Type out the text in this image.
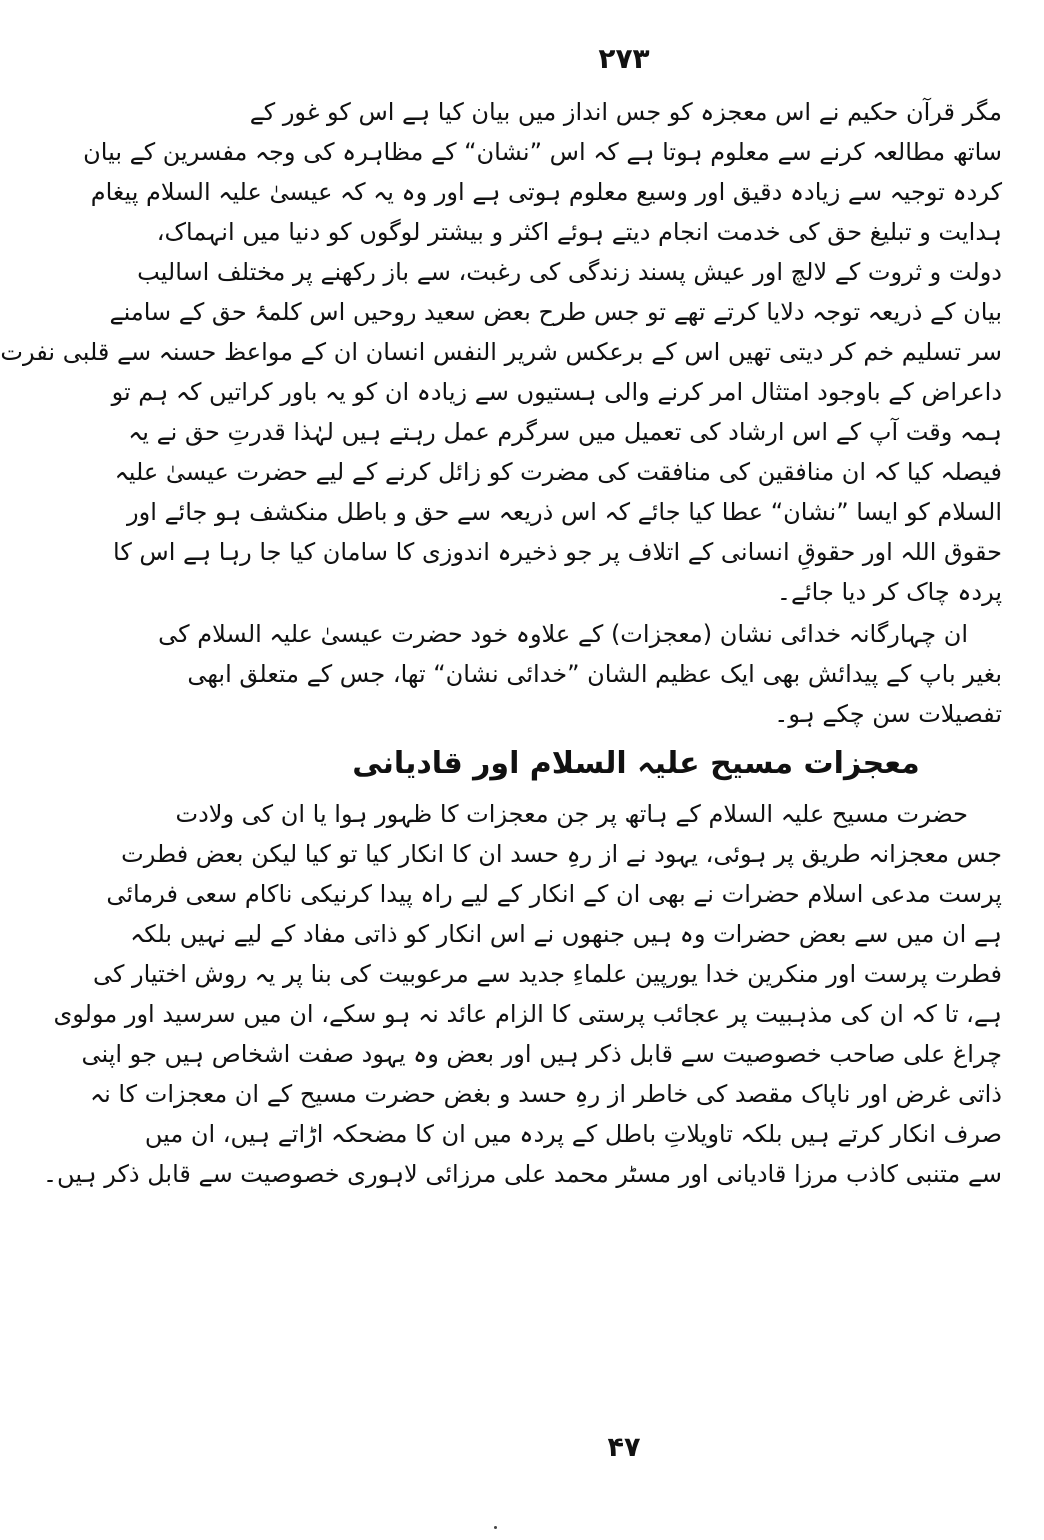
۲۷۳
مگر قرآن حکیم نے اس معجزہ کو جس انداز میں بیان کیا ہے اس کو غور کے
ساتھ مطالعہ کرنے سے معلوم ہوتا ہے کہ اس ”نشان“ کے مظاہرہ کی وجہ مفسرین کے بیان
کردہ توجیہ سے زیادہ دقیق اور وسیع معلوم ہوتی ہے اور وہ یہ کہ عیسیٰ علیہ السلام پیغام
ہدایت و تبلیغ حق کی خدمت انجام دیتے ہوئے اکثر و بیشتر لوگوں کو دنیا میں انہماک،
دولت و ثروت کے لالچ اور عیش پسند زندگی کی رغبت، سے باز رکھنے پر مختلف اسالیب
بیان کے ذریعہ توجہ دلایا کرتے تھے تو جس طرح بعض سعید روحیں اس کلمۂ حق کے سامنے
سر تسلیم خم کر دیتی تھیں اس کے برعکس شریر النفس انسان ان کے مواعظ حسنہ سے قلبی نفرت
داعراض کے باوجود امتثال امر کرنے والی ہستیوں سے زیادہ ان کو یہ باور کراتیں کہ ہم تو
ہمہ وقت آپ کے اس ارشاد کی تعمیل میں سرگرم عمل رہتے ہیں لہٰذا قدرتِ حق نے یہ
فیصلہ کیا کہ ان منافقین کی منافقت کی مضرت کو زائل کرنے کے لیے حضرت عیسیٰ علیہ
السلام کو ایسا ”نشان“ عطا کیا جائے کہ اس ذریعہ سے حق و باطل منکشف ہو جائے اور
حقوق اللہ اور حقوقِ انسانی کے اتلاف پر جو ذخیرہ اندوزی کا سامان کیا جا رہا ہے اس کا
پردہ چاک کر دیا جائے۔
ان چہارگانہ خدائی نشان (معجزات) کے علاوہ خود حضرت عیسیٰ علیہ السلام کی
بغیر باپ کے پیدائش بھی ایک عظیم الشان ”خدائی نشان“ تھا، جس کے متعلق ابھی
تفصیلات سن چکے ہو۔
معجزات مسیح علیہ السلام اور قادیانی
حضرت مسیح علیہ السلام کے ہاتھ پر جن معجزات کا ظہور ہوا یا ان کی ولادت
جس معجزانہ طریق پر ہوئی، یہود نے از رہِ حسد ان کا انکار کیا تو کیا لیکن بعض فطرت
پرست مدعی اسلام حضرات نے بھی ان کے انکار کے لیے راہ پیدا کرنیکی ناکام سعی فرمائی
ہے ان میں سے بعض حضرات وہ ہیں جنھوں نے اس انکار کو ذاتی مفاد کے لیے نہیں بلکہ
فطرت پرست اور منکرین خدا یورپین علماءِ جدید سے مرعوبیت کی بنا پر یہ روش اختیار کی
ہے، تا کہ ان کی مذہبیت پر عجائب پرستی کا الزام عائد نہ ہو سکے، ان میں سرسید اور مولوی
چراغ علی صاحب خصوصیت سے قابل ذکر ہیں اور بعض وہ یہود صفت اشخاص ہیں جو اپنی
ذاتی غرض اور ناپاک مقصد کی خاطر از رہِ حسد و بغض حضرت مسیح کے ان معجزات کا نہ
صرف انکار کرتے ہیں بلکہ تاویلاتِ باطل کے پردہ میں ان کا مضحکہ اڑاتے ہیں، ان میں
سے متنبی کاذب مرزا قادیانی اور مسٹر محمد علی مرزائی لاہوری خصوصیت سے قابل ذکر ہیں۔
۴۷
